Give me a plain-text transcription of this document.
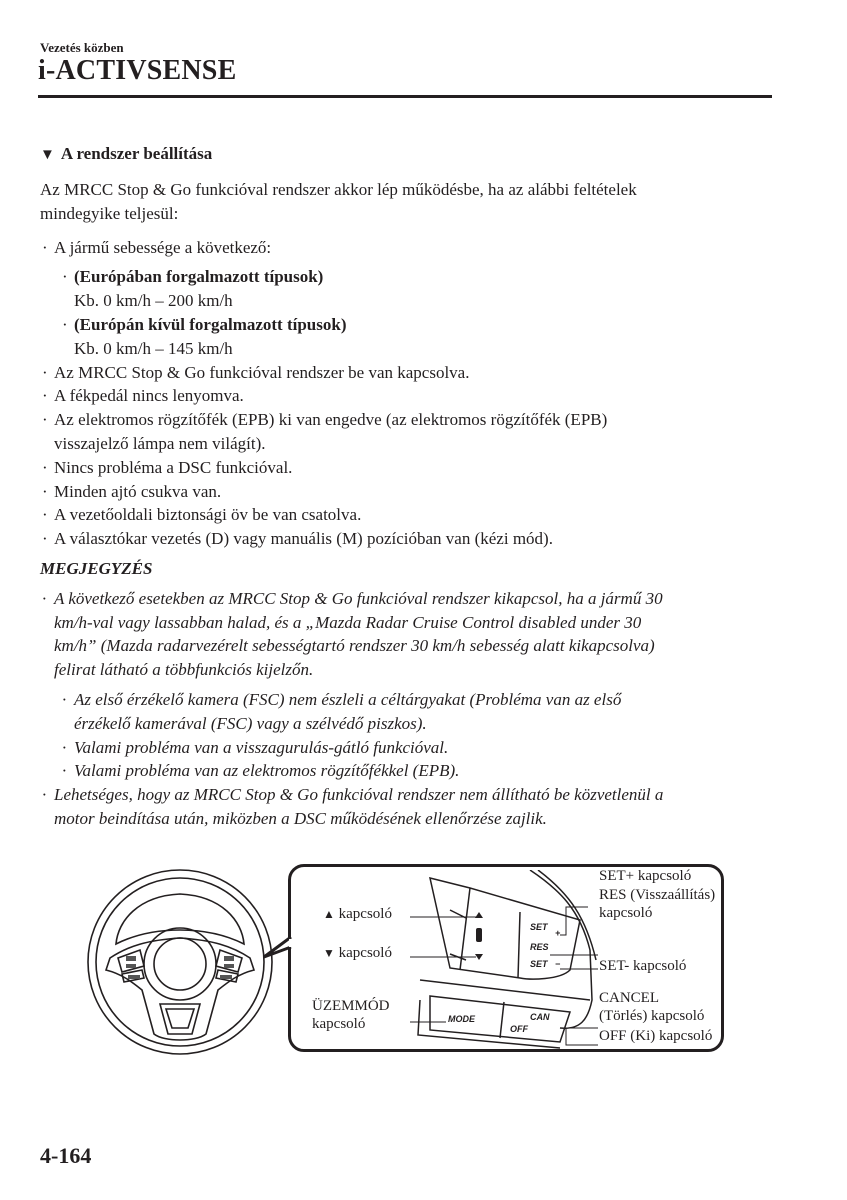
Vezetés közben
i-ACTIVSENSE
▼ A rendszer beállítása

Az MRCC Stop & Go funkcióval rendszer akkor lép működésbe, ha az alábbi feltételek

mindegyike teljesül:

· A jármű sebessége a következő:
· (Európában forgalmazott típusok)
Kb. 0 km/h – 200 km/h
· (Európán kívül forgalmazott típusok)
Kb. 0 km/h – 145 km/h
· Az MRCC Stop & Go funkcióval rendszer be van kapcsolva.
· A fékpedál nincs lenyomva.
· Az elektromos rögzítőfék (EPB) ki van engedve (az elektromos rögzítőfék (EPB)
visszajelző lámpa nem világít).
· Nincs probléma a DSC funkcióval.
· Minden ajtó csukva van.
· A vezetőoldali biztonsági öv be van csatolva.
· A választókar vezetés (D) vagy manuális (M) pozícióban van (kézi mód).
MEGJEGYZÉS
· A következő esetekben az MRCC Stop & Go funkcióval rendszer kikapcsol, ha a jármű 30
km/h-val vagy lassabban halad, és a „Mazda Radar Cruise Control disabled under 30
km/h” (Mazda radarvezérelt sebességtartó rendszer 30 km/h sebesség alatt kikapcsolva)
felirat látható a többfunkciós kijelzőn.
· Az első érzékelő kamera (FSC) nem észleli a céltárgyakat (Probléma van az első
érzékelő kamerával (FSC) vagy a szélvédő piszkos).
· Valami probléma van a visszagurulás-gátló funkcióval.
· Valami probléma van az elektromos rögzítőfékkel (EPB).
· Lehetséges, hogy az MRCC Stop & Go funkcióval rendszer nem állítható be közvetlenül a
motor beindítása után, miközben a DSC működésének ellenőrzése zajlik.
SET
+
RES
SET −
MODE	CAN
OFF
▲ kapcsoló
▼ kapcsoló
ÜZEMMÓD
kapcsoló
SET+ kapcsoló
RES (Visszaállítás)
kapcsoló
SET- kapcsoló
CANCEL
(Törlés) kapcsoló
OFF (Ki) kapcsoló
4-164
